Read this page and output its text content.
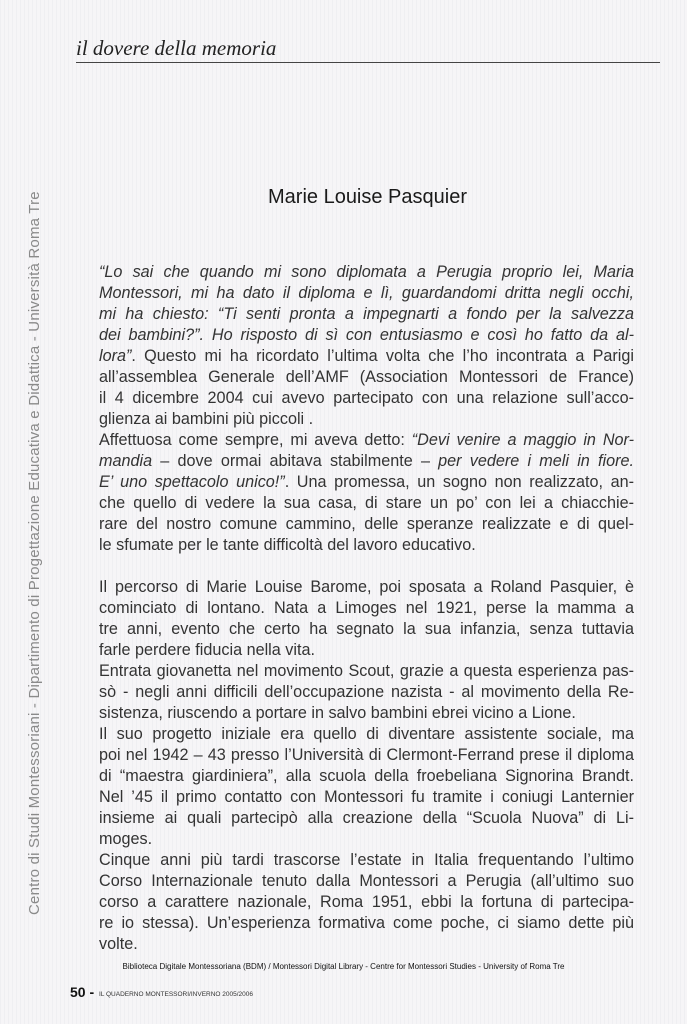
Centro di Studi Montessoriani - Dipartimento di Progettazione Educativa e Didattica - Università Roma Tre
il dovere della memoria
Marie Louise Pasquier
“Lo sai che quando mi sono diplomata a Perugia proprio lei, Maria
Montessori, mi ha dato il diploma e lì, guardandomi dritta negli occhi,
mi ha chiesto: “Ti senti pronta a impegnarti a fondo per la salvezza
dei bambini?”. Ho risposto di sì con entusiasmo e così ho fatto da al-
lora”. Questo mi ha ricordato l’ultima volta che l’ho incontrata a Parigi
all’assemblea Generale dell’AMF (Association Montessori de France)
il 4 dicembre 2004 cui avevo partecipato con una relazione sull’acco-
glienza ai bambini più piccoli .
Affettuosa come sempre, mi aveva detto: “Devi venire a maggio in Nor-
mandia – dove ormai abitava stabilmente – per vedere i meli in fiore.
E’ uno spettacolo unico!”. Una promessa, un sogno non realizzato, an-
che quello di vedere la sua casa, di stare un po’ con lei a chiacchie-
rare del nostro comune cammino, delle speranze realizzate e di quel-
le sfumate per le tante difficoltà del lavoro educativo.
Il percorso di Marie Louise Barome, poi sposata a Roland Pasquier, è
cominciato di lontano. Nata a Limoges nel 1921, perse la mamma a
tre anni, evento che certo ha segnato la sua infanzia, senza tuttavia
farle perdere fiducia nella vita.
Entrata giovanetta nel movimento Scout, grazie a questa esperienza pas-
sò - negli anni difficili dell’occupazione nazista - al movimento della Re-
sistenza, riuscendo a portare in salvo bambini ebrei vicino a Lione.
Il suo progetto iniziale era quello di diventare assistente sociale, ma
poi nel 1942 – 43 presso l’Università di Clermont-Ferrand prese il diploma
di “maestra giardiniera”, alla scuola della froebeliana Signorina Brandt.
Nel ’45 il primo contatto con Montessori fu tramite i coniugi Lanternier
insieme ai quali partecipò alla creazione della “Scuola Nuova” di Li-
moges.
Cinque anni più tardi trascorse l’estate in Italia frequentando l’ultimo
Corso Internazionale tenuto dalla Montessori a Perugia (all’ultimo suo
corso a carattere nazionale, Roma 1951, ebbi la fortuna di partecipa-
re io stessa). Un’esperienza formativa come poche, ci siamo dette più
volte.
Biblioteca Digitale Montessoriana (BDM) / Montessori Digital Library - Centre for Montessori Studies - University of Roma Tre
50 - IL QUADERNO MONTESSORI/INVERNO 2005/2006
